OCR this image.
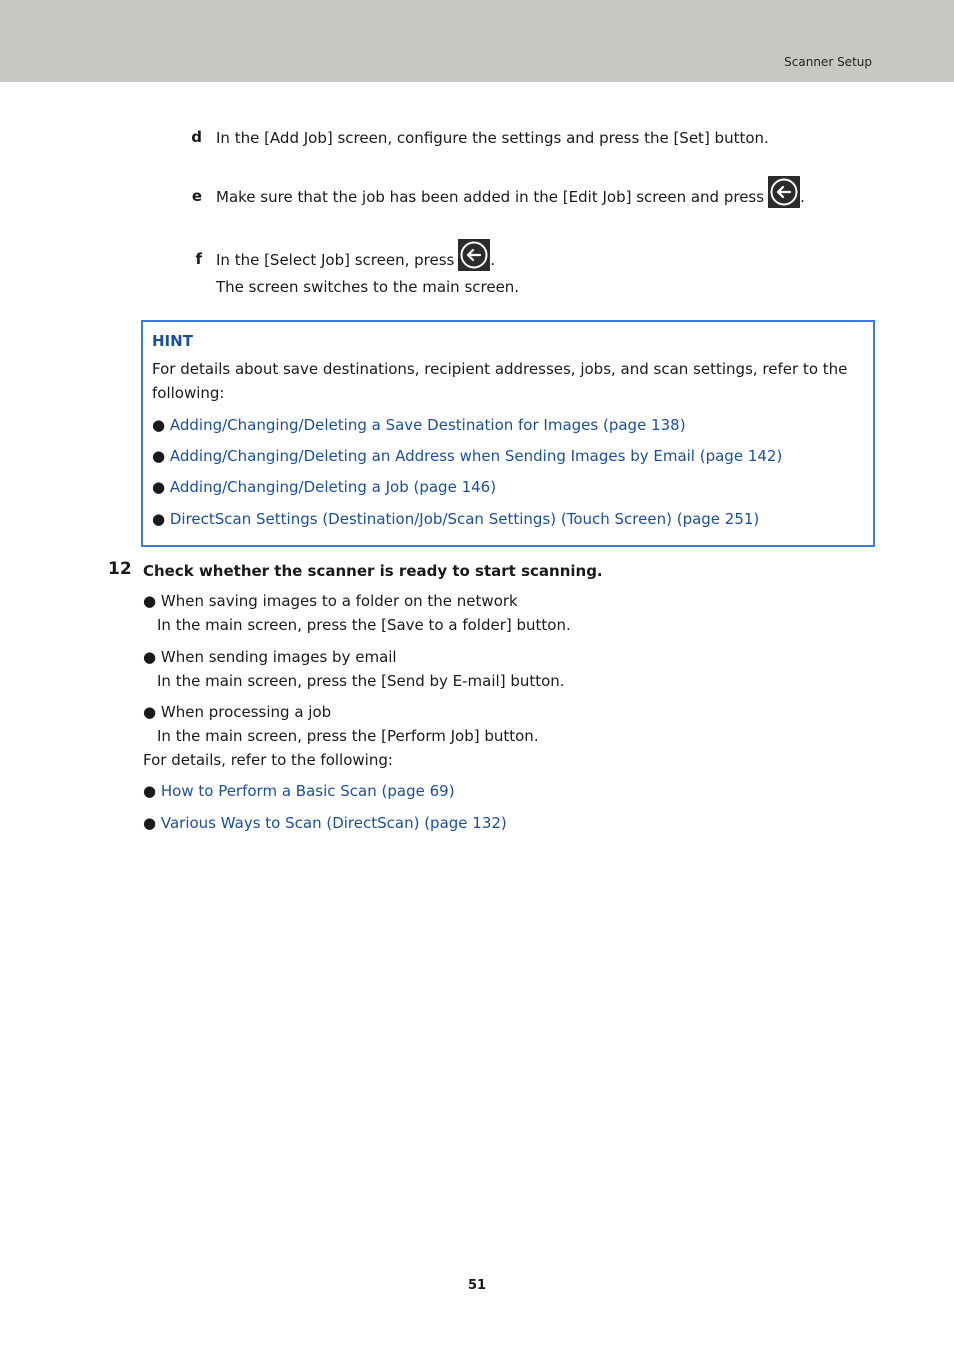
Scanner Setup
d In the [Add Job] screen, configure the settings and press the [Set] button.
e Make sure that the job has been added in the [Edit Job] screen and press .
f In the [Select Job] screen, press .
The screen switches to the main screen.
HINT
For details about save destinations, recipient addresses, jobs, and scan settings, refer to the
following:
● Adding/Changing/Deleting a Save Destination for Images (page 138)
● Adding/Changing/Deleting an Address when Sending Images by Email (page 142)
● Adding/Changing/Deleting a Job (page 146)
● DirectScan Settings (Destination/Job/Scan Settings) (Touch Screen) (page 251)
12 Check whether the scanner is ready to start scanning.
● When saving images to a folder on the network
In the main screen, press the [Save to a folder] button.
● When sending images by email
In the main screen, press the [Send by E-mail] button.
● When processing a job
In the main screen, press the [Perform Job] button.
For details, refer to the following:
● How to Perform a Basic Scan (page 69)
● Various Ways to Scan (DirectScan) (page 132)
51
